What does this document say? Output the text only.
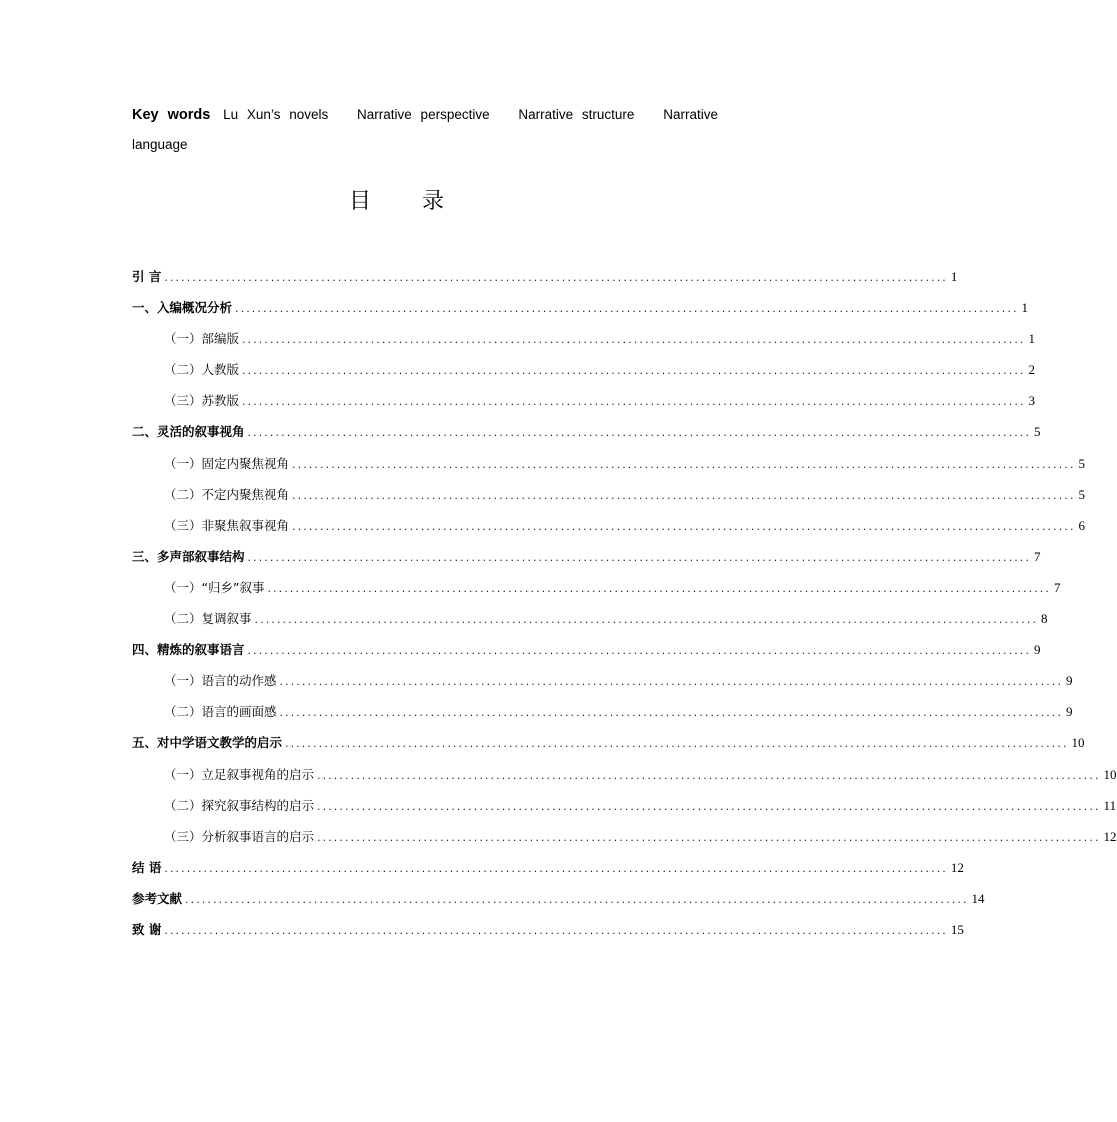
Key words Lu Xun’s novels Narrative perspective Narrative structure Narrative language
目 录
引 言 ............................................................................................................................................ 1
一、入编概况分析 ............................................................................................................................................ 1
（一）部编版 ............................................................................................................................................ 1
（二）人教版 ............................................................................................................................................ 2
（三）苏教版 ............................................................................................................................................ 3
二、灵活的叙事视角 ............................................................................................................................................ 5
（一）固定内聚焦视角 ............................................................................................................................................ 5
（二）不定内聚焦视角 ............................................................................................................................................ 5
（三）非聚焦叙事视角 ............................................................................................................................................ 6
三、多声部叙事结构 ............................................................................................................................................ 7
（一）“归乡”叙事 ............................................................................................................................................ 7
（二）复调叙事 ............................................................................................................................................ 8
四、精炼的叙事语言 ............................................................................................................................................ 9
（一）语言的动作感 ............................................................................................................................................ 9
（二）语言的画面感 ............................................................................................................................................ 9
五、对中学语文教学的启示 ............................................................................................................................................ 10
（一）立足叙事视角的启示 ............................................................................................................................................ 10
（二）探究叙事结构的启示 ............................................................................................................................................ 11
（三）分析叙事语言的启示 ............................................................................................................................................ 12
结 语 ............................................................................................................................................ 12
参考文献 ............................................................................................................................................ 14
致 谢 ............................................................................................................................................ 15
